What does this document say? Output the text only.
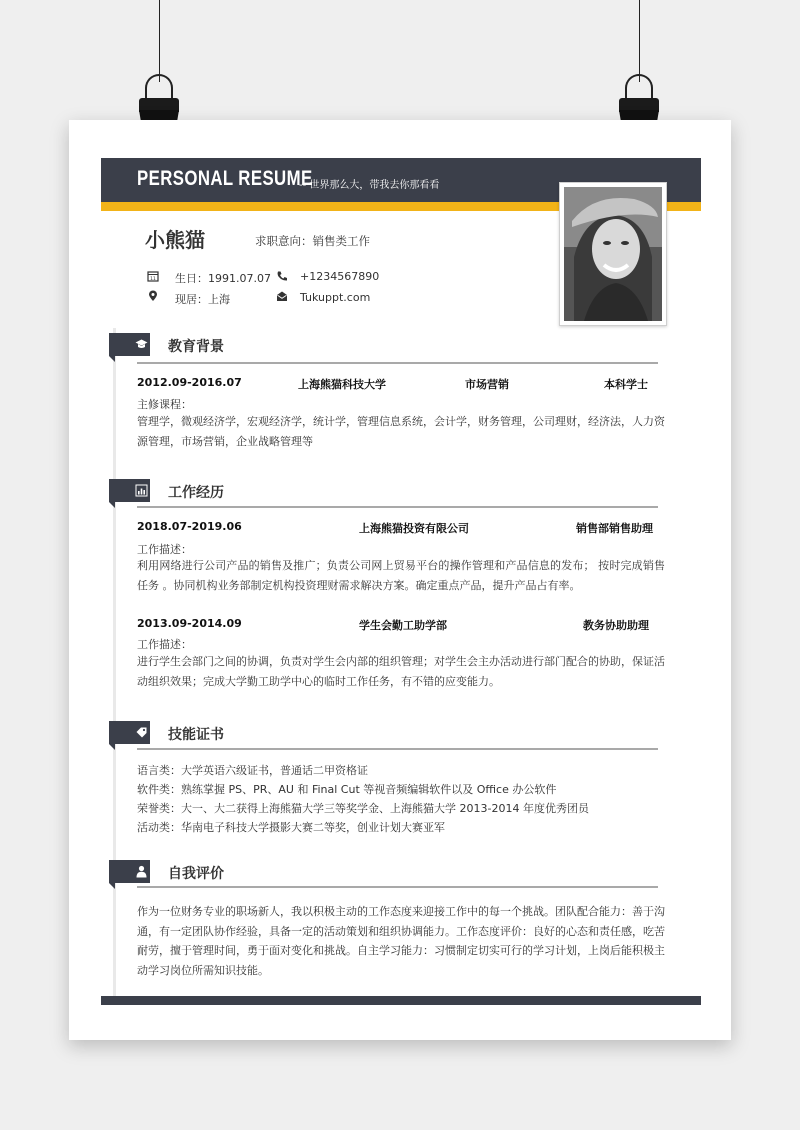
PERSONAL RESUME
-- 世界那么大，带我去你那看看
小熊猫	求职意向：销售类工作
11 生日：1991.07.07	+1234567890
现居：上海	Tukuppt.com
教育背景
2012.09-2016.07	上海熊猫科技大学	市场营销	本科学士
主修课程：
管理学，微观经济学，宏观经济学，统计学，管理信息系统，会计学，财务管理，公司理财，经济法，人力资源管理，市场营销，企业战略管理等
工作经历
2018.07-2019.06	上海熊猫投资有限公司	销售部销售助理
工作描述：
利用网络进行公司产品的销售及推广；负责公司网上贸易平台的操作管理和产品信息的发布； 按时完成销售任务 。协同机构业务部制定机构投资理财需求解决方案。确定重点产品，提升产品占有率。
2013.09-2014.09	学生会勤工助学部	教务协助助理
工作描述：
进行学生会部门之间的协调，负责对学生会内部的组织管理；对学生会主办活动进行部门配合的协助，保证活动组织效果；完成大学勤工助学中心的临时工作任务，有不错的应变能力。
技能证书
语言类：大学英语六级证书，普通话二甲资格证
软件类：熟练掌握 PS、PR、AU 和 Final Cut 等视音频编辑软件以及 Office 办公软件
荣誉类：大一、大二获得上海熊猫大学三等奖学金、上海熊猫大学 2013-2014 年度优秀团员
活动类：华南电子科技大学摄影大赛二等奖，创业计划大赛亚军
自我评价
作为一位财务专业的职场新人，我以积极主动的工作态度来迎接工作中的每一个挑战。团队配合能力：善于沟通，有一定团队协作经验，具备一定的活动策划和组织协调能力。工作态度评价：良好的心态和责任感，吃苦耐劳，擅于管理时间，勇于面对变化和挑战。自主学习能力：习惯制定切实可行的学习计划，上岗后能积极主动学习岗位所需知识技能。
